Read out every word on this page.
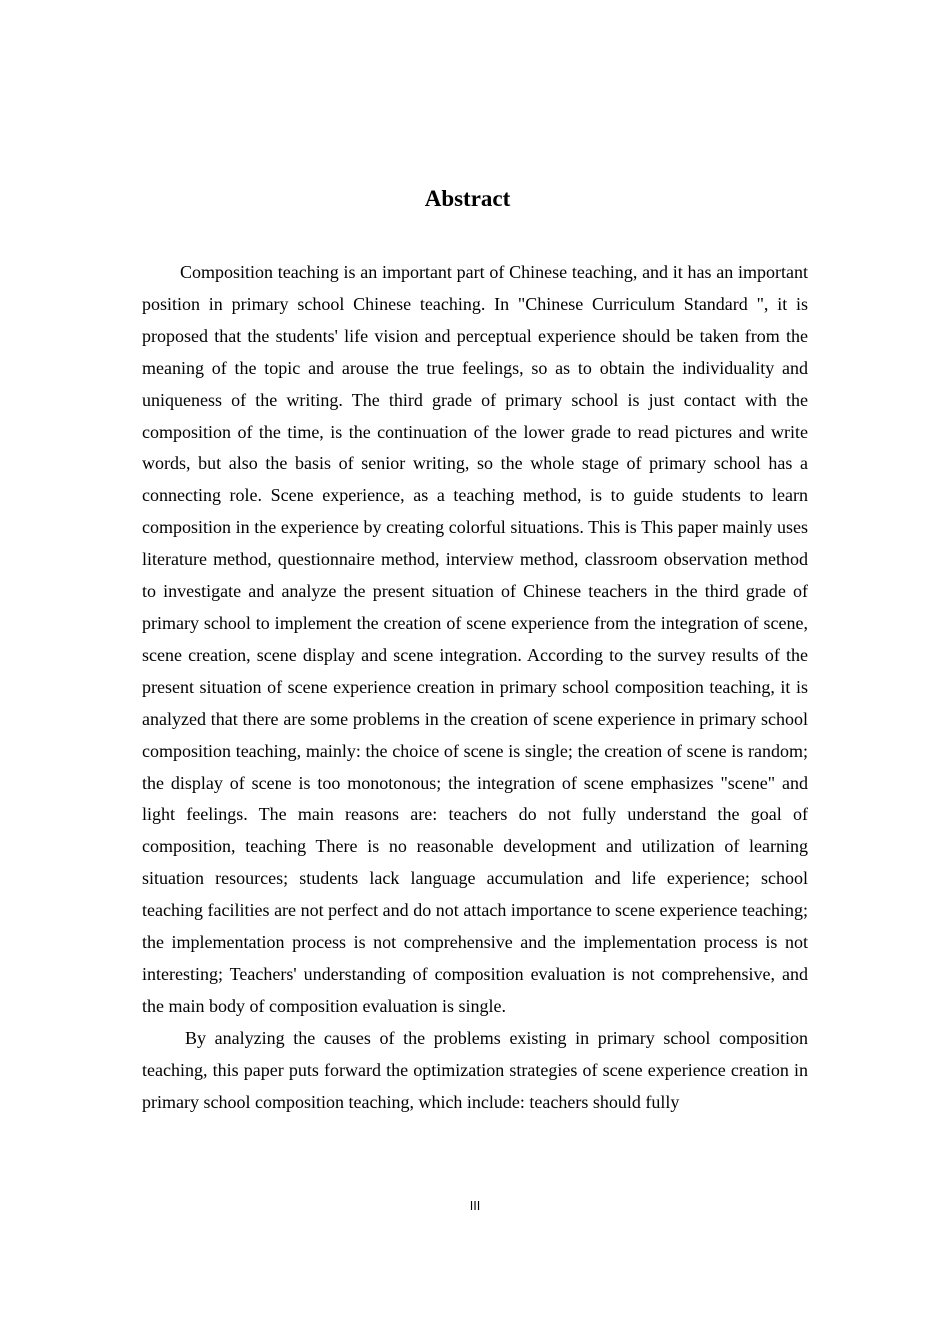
Abstract

Composition teaching is an important part of Chinese teaching, and it has an important position in primary school Chinese teaching. In "Chinese Curriculum Standard ", it is proposed that the students' life vision and perceptual experience should be taken from the meaning of the topic and arouse the true feelings, so as to obtain the individuality and uniqueness of the writing. The third grade of primary school is just contact with the composition of the time, is the continuation of the lower grade to read pictures and write words, but also the basis of senior writing, so the whole stage of primary school has a connecting role. Scene experience, as a teaching method, is to guide students to learn composition in the experience by creating colorful situations. This is This paper mainly uses literature method, questionnaire method, interview method, classroom observation method to investigate and analyze the present situation of Chinese teachers in the third grade of primary school to implement the creation of scene experience from the integration of scene, scene creation, scene display and scene integration. According to the survey results of the present situation of scene experience creation in primary school composition teaching, it is analyzed that there are some problems in the creation of scene experience in primary school composition teaching, mainly: the choice of scene is single; the creation of scene is random; the display of scene is too monotonous; the integration of scene emphasizes "scene" and light feelings. The main reasons are: teachers do not fully understand the goal of composition, teaching There is no reasonable development and utilization of learning situation resources; students lack language accumulation and life experience; school teaching facilities are not perfect and do not attach importance to scene experience teaching; the implementation process is not comprehensive and the implementation process is not interesting; Teachers' understanding of composition evaluation is not comprehensive, and the main body of composition evaluation is single.

By analyzing the causes of the problems existing in primary school composition teaching, this paper puts forward the optimization strategies of scene experience creation in primary school composition teaching, which include: teachers should fully

III
